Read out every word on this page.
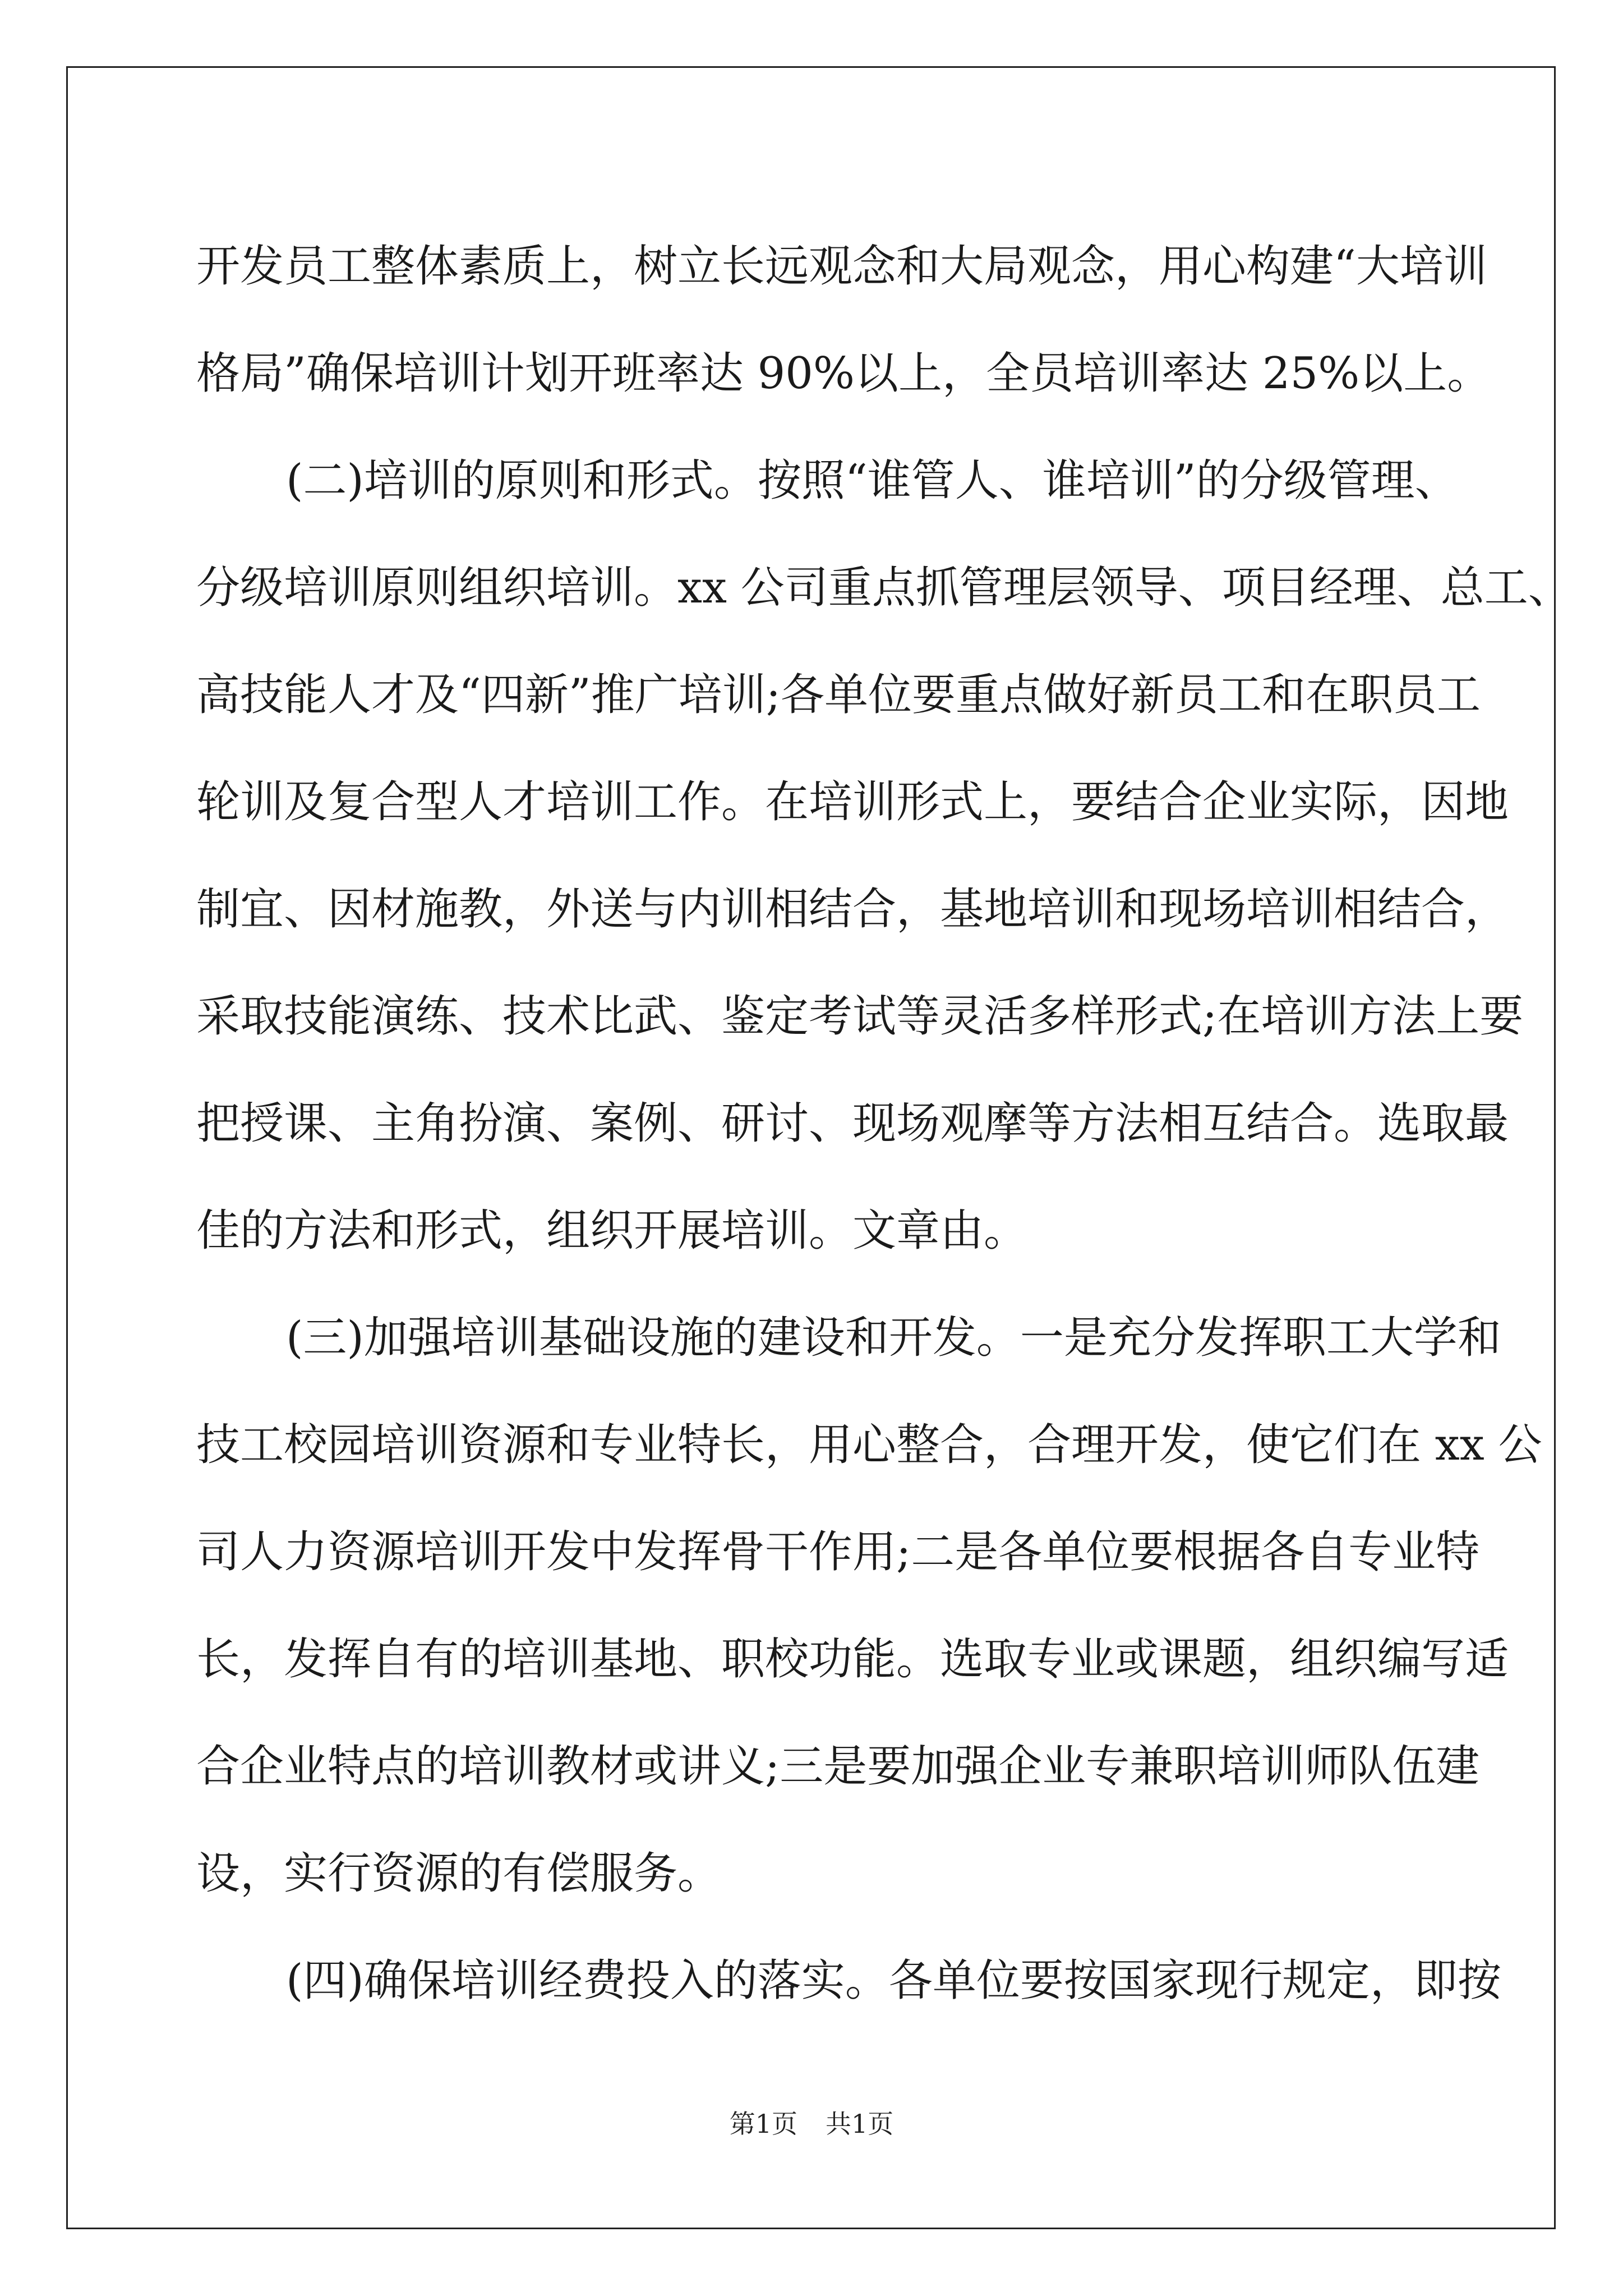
开发员工整体素质上，树立长远观念和大局观念，用心构建“大培训
格局”确保培训计划开班率达 90%以上，全员培训率达 25%以上。
(二)培训的原则和形式。按照“谁管人、谁培训”的分级管理、
分级培训原则组织培训。xx 公司重点抓管理层领导、项目经理、总工、
高技能人才及“四新”推广培训;各单位要重点做好新员工和在职员工
轮训及复合型人才培训工作。在培训形式上，要结合企业实际，因地
制宜、因材施教，外送与内训相结合，基地培训和现场培训相结合，
采取技能演练、技术比武、鉴定考试等灵活多样形式;在培训方法上要
把授课、主角扮演、案例、研讨、现场观摩等方法相互结合。选取最
佳的方法和形式，组织开展培训。文章由。
(三)加强培训基础设施的建设和开发。一是充分发挥职工大学和
技工校园培训资源和专业特长，用心整合，合理开发，使它们在 xx 公
司人力资源培训开发中发挥骨干作用;二是各单位要根据各自专业特
长，发挥自有的培训基地、职校功能。选取专业或课题，组织编写适
合企业特点的培训教材或讲义;三是要加强企业专兼职培训师队伍建
设，实行资源的有偿服务。
(四)确保培训经费投入的落实。各单位要按国家现行规定，即按
第1页 共1页
